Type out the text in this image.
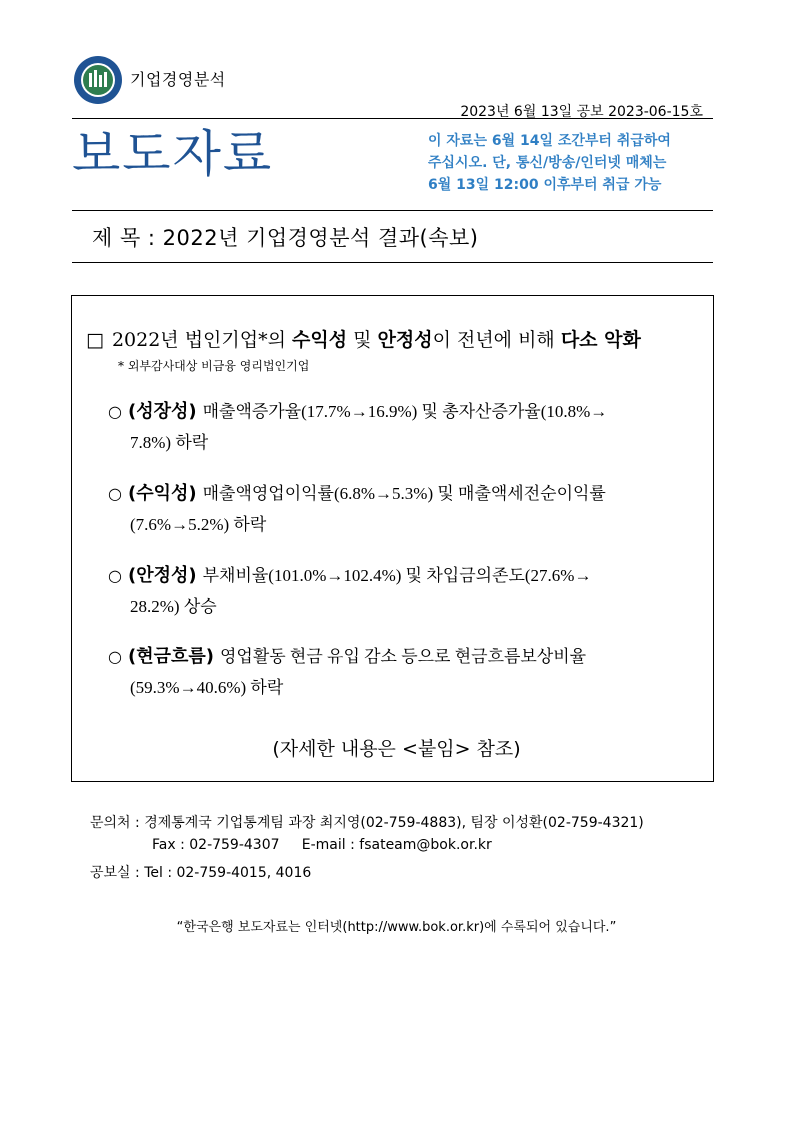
기업경영분석
2023년 6월 13일 공보 2023-06-15호
보도자료	이 자료는 6월 14일 조간부터 취급하여
주십시오. 단, 통신/방송/인터넷 매체는
6월 13일 12:00 이후부터 취급 가능
제 목 : 2022년 기업경영분석 결과(속보)
□ 2022년 법인기업*의 수익성 및 안정성이 전년에 비해 다소 악화
* 외부감사대상 비금융 영리법인기업
○ (성장성) 매출액증가율(17.7%→16.9%) 및 총자산증가율(10.8%→
7.8%) 하락
○ (수익성) 매출액영업이익률(6.8%→5.3%) 및 매출액세전순이익률
(7.6%→5.2%) 하락
○ (안정성) 부채비율(101.0%→102.4%) 및 차입금의존도(27.6%→
28.2%) 상승
○ (현금흐름) 영업활동 현금 유입 감소 등으로 현금흐름보상비율
(59.3%→40.6%) 하락
(자세한 내용은 <붙임> 참조)
문의처 : 경제통계국 기업통계팀 과장 최지영(02-759-4883), 팀장 이성환(02-759-4321)
Fax : 02-759-4307     E-mail : fsateam@bok.or.kr
공보실 : Tel : 02-759-4015, 4016
“한국은행 보도자료는 인터넷(http://www.bok.or.kr)에 수록되어 있습니다.”
